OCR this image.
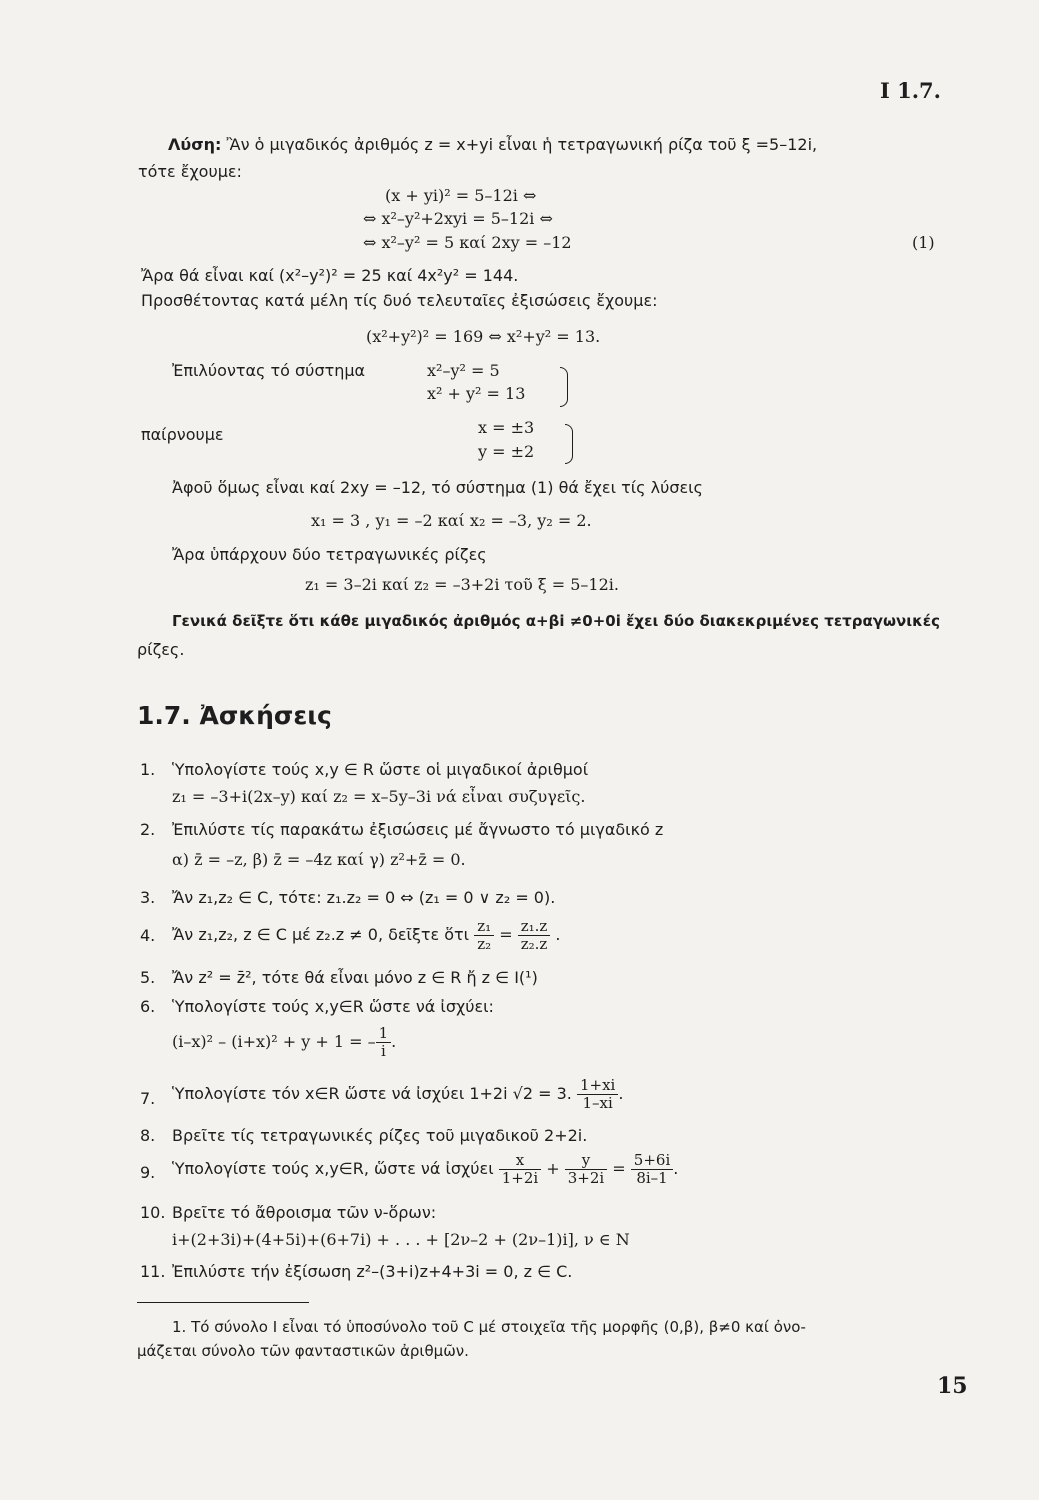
I 1.7.
Λύση: Ἂν ὁ μιγαδικός ἀριθμός z = x+yi εἶναι ἡ τετραγωνική ρίζα τοῦ ξ =5–12i,
τότε ἔχουμε:
(x + yi)² = 5–12i ⇔
⇔ x²–y²+2xyi = 5–12i ⇔
⇔ x²–y² = 5 καί 2xy = –12	(1)
Ἄρα θά εἶναι καί (x²–y²)² = 25 καί 4x²y² = 144.
Προσθέτοντας κατά μέλη τίς δυό τελευταῖες ἐξισώσεις ἔχουμε:
(x²+y²)² = 169 ⇔ x²+y² = 13.
Ἐπιλύοντας τό σύστημα	x²–y² = 5
x² + y² = 13
παίρνουμε	x = ±3
y = ±2
Ἀφοῦ ὅμως εἶναι καί 2xy = –12, τό σύστημα (1) θά ἔχει τίς λύσεις
x₁ = 3 , y₁ = –2 καί x₂ = –3, y₂ = 2.
Ἄρα ὑπάρχουν δύο τετραγωνικές ρίζες
z₁ = 3–2i καί z₂ = –3+2i τοῦ ξ = 5–12i.
Γενικά δεῖξτε ὅτι κάθε μιγαδικός ἀριθμός α+βi ≠0+0i ἔχει δύο διακεκριμένες τετραγωνικές
ρίζες.
1.7. Ἀσκήσεις
1. Ὑπολογίστε τούς x,y ∈ R ὥστε οἱ μιγαδικοί ἀριθμοί
z₁ = –3+i(2x–y) καί z₂ = x–5y–3i νά εἶναι συζυγεῖς.
2. Ἐπιλύστε τίς παρακάτω ἐξισώσεις μέ ἄγνωστο τό μιγαδικό z
α) z̄ = –z, β) z̄ = –4z καί γ) z²+z̄ = 0.
3. Ἄν z₁,z₂ ∈ C, τότε: z₁.z₂ = 0 ⇔ (z₁ = 0 ∨ z₂ = 0).
4. Ἄν z₁,z₂, z ∈ C μέ z₂.z ≠ 0, δεῖξτε ὅτι $\frac{\text{z₁}}{\text{z₂}} = \frac{\text{z₁.z}}{\text{z₂.z}}$ .
5. Ἄν z² = z̄², τότε θά εἶναι μόνο z ∈ R ἤ z ∈ I(¹)
6. Ὑπολογίστε τούς x,y∈R ὥστε νά ἰσχύει:
(i–x)² – (i+x)² + y + 1 = – $\frac{1}{i}$ .
7. Ὑπολογίστε τόν x∈R ὥστε νά ἰσχύει 1+2i √2 = 3. $\frac{1+xi}{1-xi}$ .
8. Βρεῖτε τίς τετραγωνικές ρίζες τοῦ μιγαδικοῦ 2+2i.
9. Ὑπολογίστε τούς x,y∈R, ὥστε νά ἰσχύει $\frac{x}{1+2i} + \frac{y}{3+2i} = \frac{5+6i}{8i-1}$ .
10. Βρεῖτε τό ἄθροισμα τῶν ν-ὅρων:
i+(2+3i)+(4+5i)+(6+7i) + . . . + [2ν–2 + (2ν–1)i], ν ∈ N
11. Ἐπιλύστε τήν ἐξίσωση z²–(3+i)z+4+3i = 0, z ∈ C.
1. Τό σύνολο I εἶναι τό ὑποσύνολο τοῦ C μέ στοιχεῖα τῆς μορφῆς (0,β), β≠0 καί ὀνο-
μάζεται σύνολο τῶν φανταστικῶν ἀριθμῶν.
15
